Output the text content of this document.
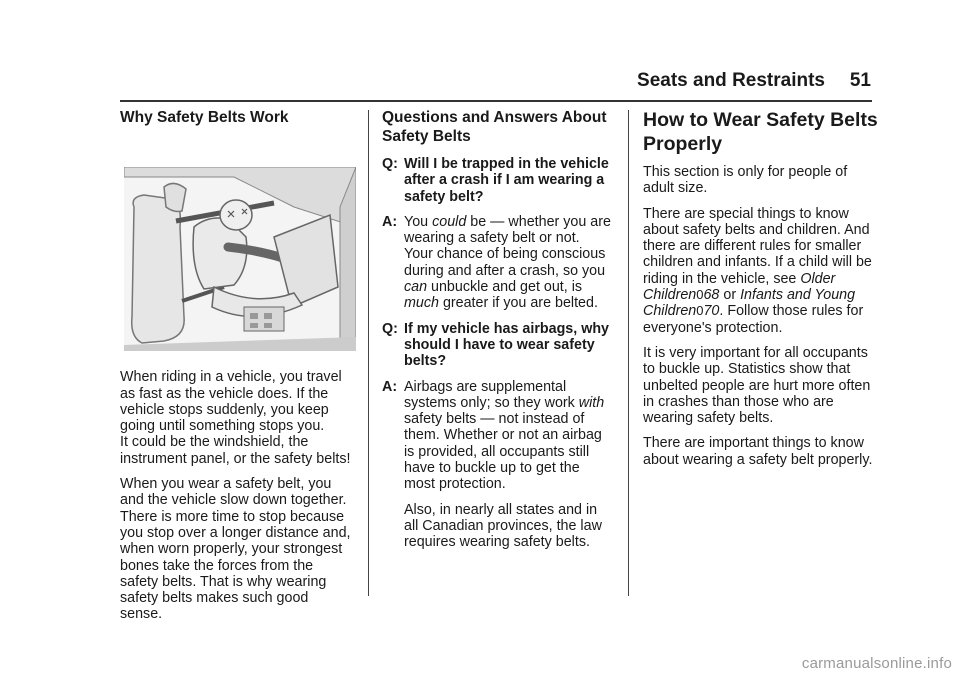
Seats and Restraints 51
Why Safety Belts Work

When riding in a vehicle, you travel
as fast as the vehicle does. If the
vehicle stops suddenly, you keep
going until something stops you.
It could be the windshield, the
instrument panel, or the safety belts!

When you wear a safety belt, you
and the vehicle slow down together.
There is more time to stop because
you stop over a longer distance and,
when worn properly, your strongest
bones take the forces from the
safety belts. That is why wearing
safety belts makes such good
sense.

Questions and Answers About
Safety Belts
Q: Will I be trapped in the vehicle
after a crash if I am wearing a
safety belt?
A: You could be — whether you are
wearing a safety belt or not.
Your chance of being conscious
during and after a crash, so you
can unbuckle and get out, is
much greater if you are belted.
Q: If my vehicle has airbags, why
should I have to wear safety
belts?
A: Airbags are supplemental
systems only; so they work with
safety belts — not instead of
them. Whether or not an airbag
is provided, all occupants still
have to buckle up to get the
most protection.

Also, in nearly all states and in
all Canadian provinces, the law
requires wearing safety belts.

How to Wear Safety Belts
Properly

This section is only for people of
adult size.

There are special things to know
about safety belts and children. And
there are different rules for smaller
children and infants. If a child will be
riding in the vehicle, see Older
Children068 or Infants and Young
Children070. Follow those rules for
everyone's protection.

It is very important for all occupants
to buckle up. Statistics show that
unbelted people are hurt more often
in crashes than those who are
wearing safety belts.

There are important things to know
about wearing a safety belt properly.

carmanualsonline.info
